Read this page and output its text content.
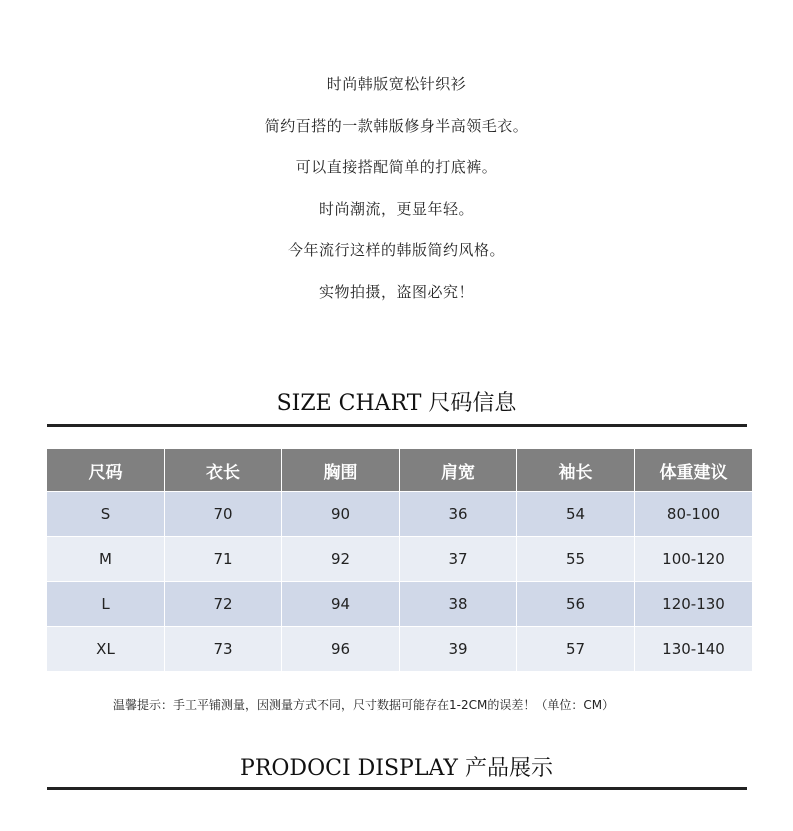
时尚韩版宽松针织衫
简约百搭的一款韩版修身半高领毛衣。
可以直接搭配简单的打底裤。
时尚潮流，更显年轻。
今年流行这样的韩版简约风格。
实物拍摄，盗图必究！
SIZE CHART 尺码信息
尺码	衣长	胸围	肩宽	袖长	体重建议
S	70	90	36	54	80-100
M	71	92	37	55	100-120
L	72	94	38	56	120-130
XL	73	96	39	57	130-140
温馨提示：手工平铺测量，因测量方式不同，尺寸数据可能存在1-2CM的误差！（单位：CM）
PRODOCI DISPLAY 产品展示
